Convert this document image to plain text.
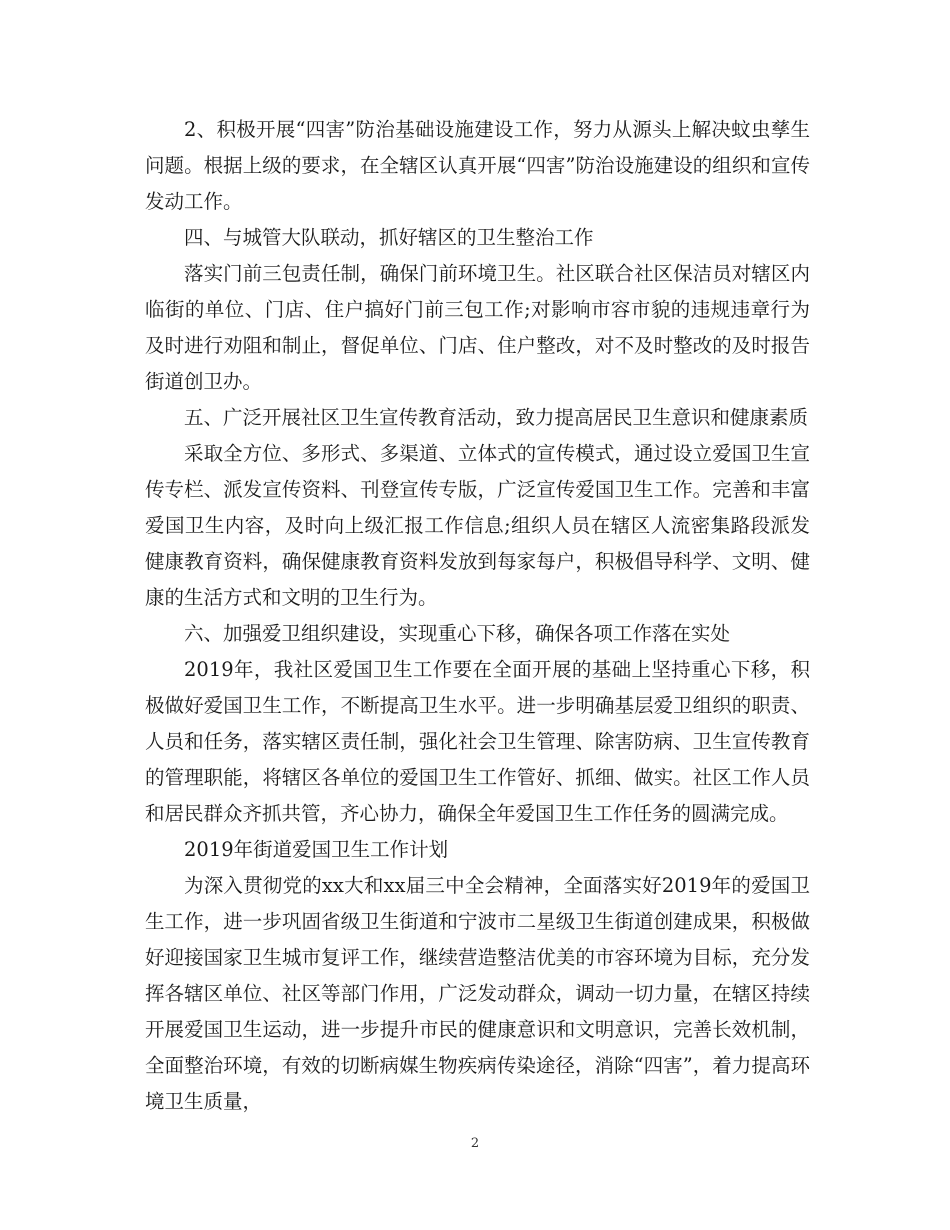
2、积极开展“四害”防治基础设施建设工作，努力从源头上解决蚊虫孳生问题。根据上级的要求，在全辖区认真开展“四害”防治设施建设的组织和宣传发动工作。

四、与城管大队联动，抓好辖区的卫生整治工作

落实门前三包责任制，确保门前环境卫生。社区联合社区保洁员对辖区内临街的单位、门店、住户搞好门前三包工作;对影响市容市貌的违规违章行为及时进行劝阻和制止，督促单位、门店、住户整改，对不及时整改的及时报告街道创卫办。

五、广泛开展社区卫生宣传教育活动，致力提高居民卫生意识和健康素质

采取全方位、多形式、多渠道、立体式的宣传模式，通过设立爱国卫生宣传专栏、派发宣传资料、刊登宣传专版，广泛宣传爱国卫生工作。完善和丰富爱国卫生内容，及时向上级汇报工作信息;组织人员在辖区人流密集路段派发健康教育资料，确保健康教育资料发放到每家每户，积极倡导科学、文明、健康的生活方式和文明的卫生行为。

六、加强爱卫组织建设，实现重心下移，确保各项工作落在实处

2019年，我社区爱国卫生工作要在全面开展的基础上坚持重心下移，积极做好爱国卫生工作，不断提高卫生水平。进一步明确基层爱卫组织的职责、人员和任务，落实辖区责任制，强化社会卫生管理、除害防病、卫生宣传教育的管理职能，将辖区各单位的爱国卫生工作管好、抓细、做实。社区工作人员和居民群众齐抓共管，齐心协力，确保全年爱国卫生工作任务的圆满完成。

2019年街道爱国卫生工作计划

为深入贯彻党的xx大和xx届三中全会精神，全面落实好2019年的爱国卫生工作，进一步巩固省级卫生街道和宁波市二星级卫生街道创建成果，积极做好迎接国家卫生城市复评工作，继续营造整洁优美的市容环境为目标，充分发挥各辖区单位、社区等部门作用，广泛发动群众，调动一切力量，在辖区持续开展爱国卫生运动，进一步提升市民的健康意识和文明意识，完善长效机制，全面整治环境，有效的切断病媒生物疾病传染途径，消除“四害”，着力提高环境卫生质量，

2
